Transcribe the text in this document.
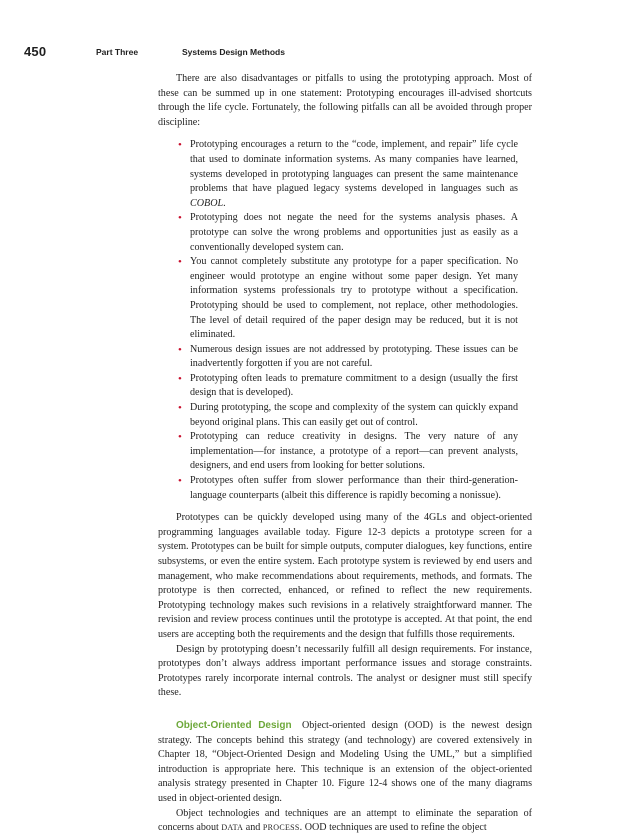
450	Part Three	Systems Design Methods

There are also disadvantages or pitfalls to using the prototyping approach. Most of these can be summed up in one statement: Prototyping encourages ill-advised shortcuts through the life cycle. Fortunately, the following pitfalls can all be avoided through proper discipline:

• Prototyping encourages a return to the “code, implement, and repair” life cycle that used to dominate information systems. As many companies have learned, systems developed in prototyping languages can present the same maintenance problems that have plagued legacy systems developed in languages such as COBOL.
• Prototyping does not negate the need for the systems analysis phases. A prototype can solve the wrong problems and opportunities just as easily as a conventionally developed system can.
• You cannot completely substitute any prototype for a paper specification. No engineer would prototype an engine without some paper design. Yet many information systems professionals try to prototype without a specification. Prototyping should be used to complement, not replace, other methodologies. The level of detail required of the paper design may be reduced, but it is not eliminated.
• Numerous design issues are not addressed by prototyping. These issues can be inadvertently forgotten if you are not careful.
• Prototyping often leads to premature commitment to a design (usually the first design that is developed).
• During prototyping, the scope and complexity of the system can quickly expand beyond original plans. This can easily get out of control.
• Prototyping can reduce creativity in designs. The very nature of any implementation—for instance, a prototype of a report—can prevent analysts, designers, and end users from looking for better solutions.
• Prototypes often suffer from slower performance than their third-generation-language counterparts (albeit this difference is rapidly becoming a nonissue).

Prototypes can be quickly developed using many of the 4GLs and object-oriented programming languages available today. Figure 12-3 depicts a prototype screen for a system. Prototypes can be built for simple outputs, computer dialogues, key functions, entire subsystems, or even the entire system. Each prototype system is reviewed by end users and management, who make recommendations about requirements, methods, and formats. The prototype is then corrected, enhanced, or refined to reflect the new requirements. Prototyping technology makes such revisions in a relatively straightforward manner. The revision and review process continues until the prototype is accepted. At that point, the end users are accepting both the requirements and the design that fulfills those requirements.

Design by prototyping doesn’t necessarily fulfill all design requirements. For instance, prototypes don’t always address important performance issues and storage constraints. Prototypes rarely incorporate internal controls. The analyst or designer must still specify these.

Object-Oriented Design Object-oriented design (OOD) is the newest design strategy. The concepts behind this strategy (and technology) are covered extensively in Chapter 18, “Object-Oriented Design and Modeling Using the UML,” but a simplified introduction is appropriate here. This technique is an extension of the object-oriented analysis strategy presented in Chapter 10. Figure 12-4 shows one of the many diagrams used in object-oriented design.

Object technologies and techniques are an attempt to eliminate the separation of concerns about DATA and PROCESS. OOD techniques are used to refine the object
